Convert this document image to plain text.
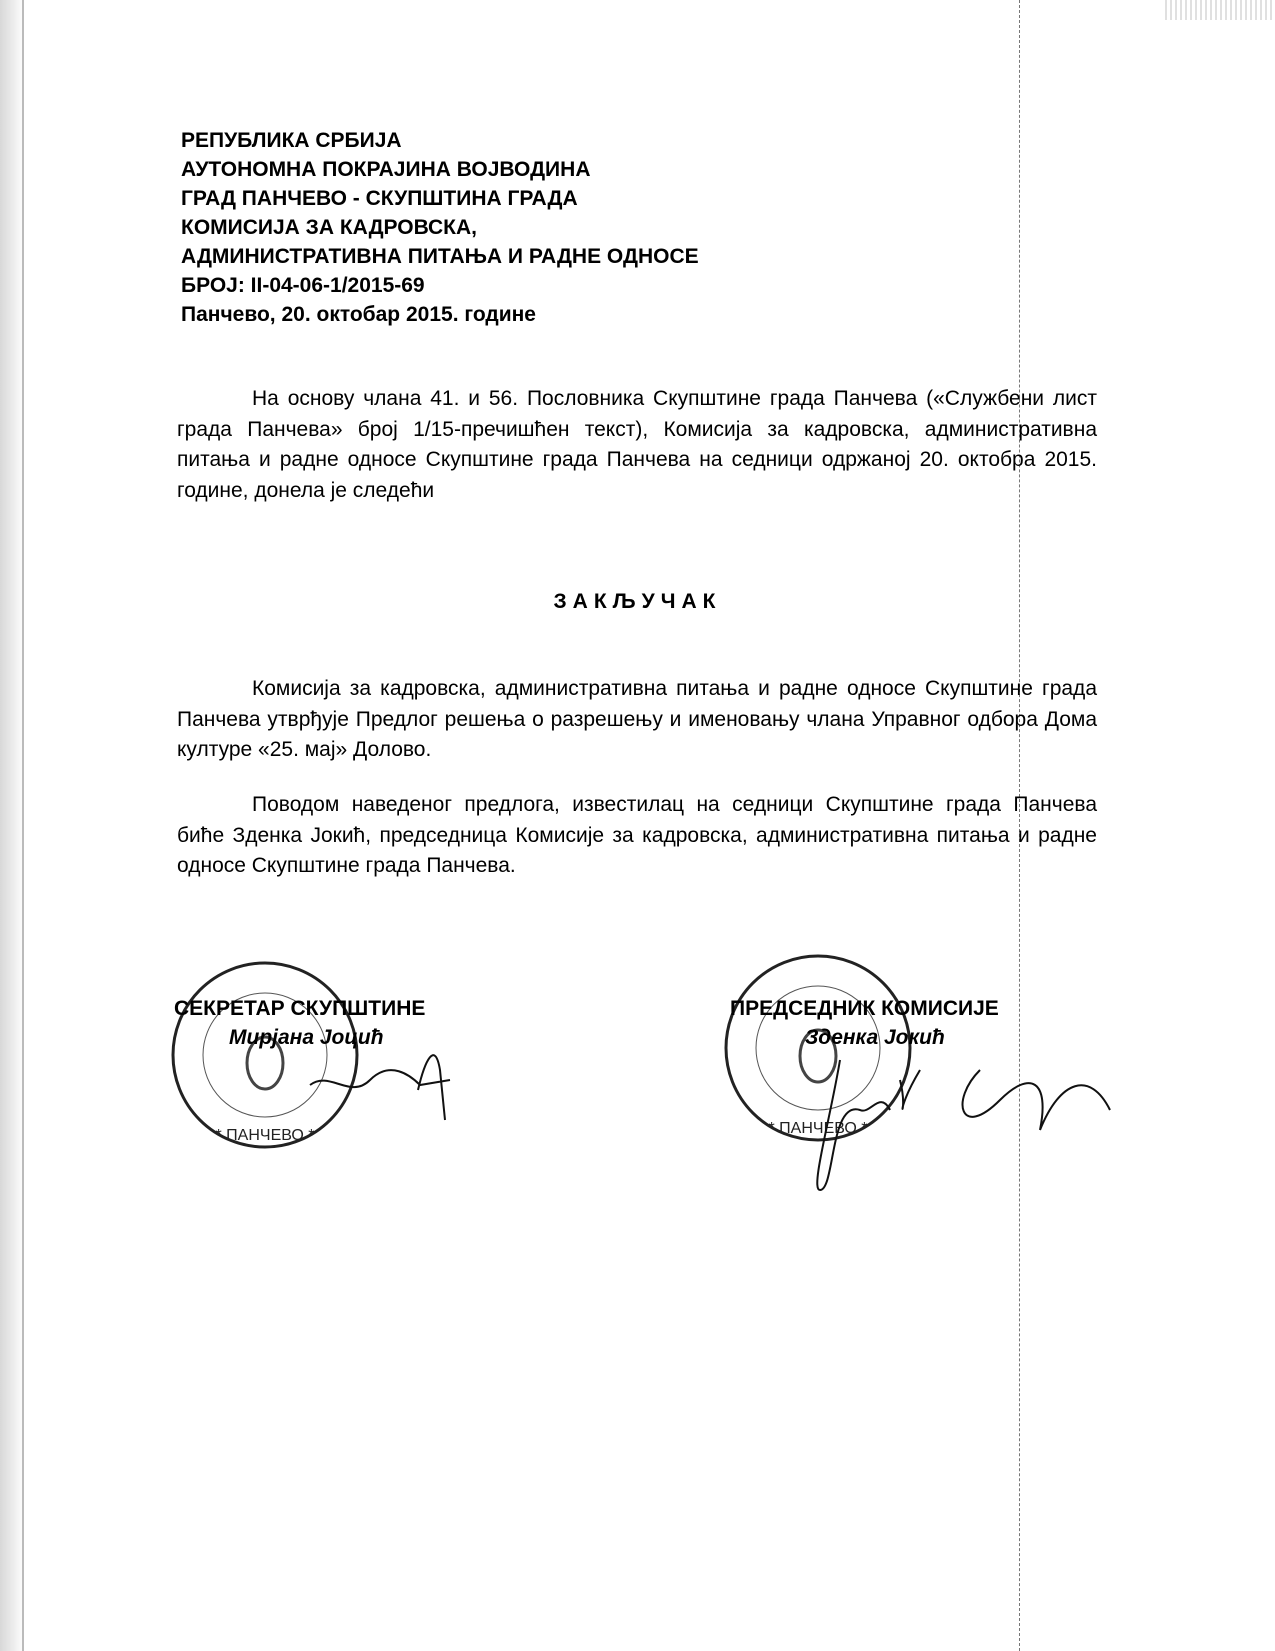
РЕПУБЛИКА СРБИЈА
АУТОНОМНА ПОКРАЈИНА ВОЈВОДИНА
ГРАД ПАНЧЕВО - СКУПШТИНА ГРАДА
КОМИСИЈА ЗА КАДРОВСКА,
АДМИНИСТРАТИВНА ПИТАЊА И РАДНЕ ОДНОСЕ
БРОЈ: II-04-06-1/2015-69
Панчево, 20. октобар 2015. године
На основу члана 41. и 56. Пословника Скупштине града Панчева («Службени лист града Панчева» број 1/15-пречишћен текст), Комисија за кадровска, административна питања и радне односе Скупштине града Панчева на седници одржаној 20. октобра 2015. године, донела је следећи
ЗАКЉУЧАК
Комисија за кадровска, административна питања и радне односе Скупштине града Панчева утврђује Предлог решења о разрешењу и именовању члана Управног одбора Дома културе «25. мај» Долово.
Поводом наведеног предлога, известилац на седници Скупштине града Панчева биће Зденка Јокић, председница Комисије за кадровска, административна питања и радне односе Скупштине града Панчева.
* ПАНЧЕВО *
СЕКРЕТАР СКУПШТИНЕ
Мирјана Јоцић
* ПАНЧЕВО *
ПРЕДСЕДНИК КОМИСИЈЕ
Зденка Јокић
